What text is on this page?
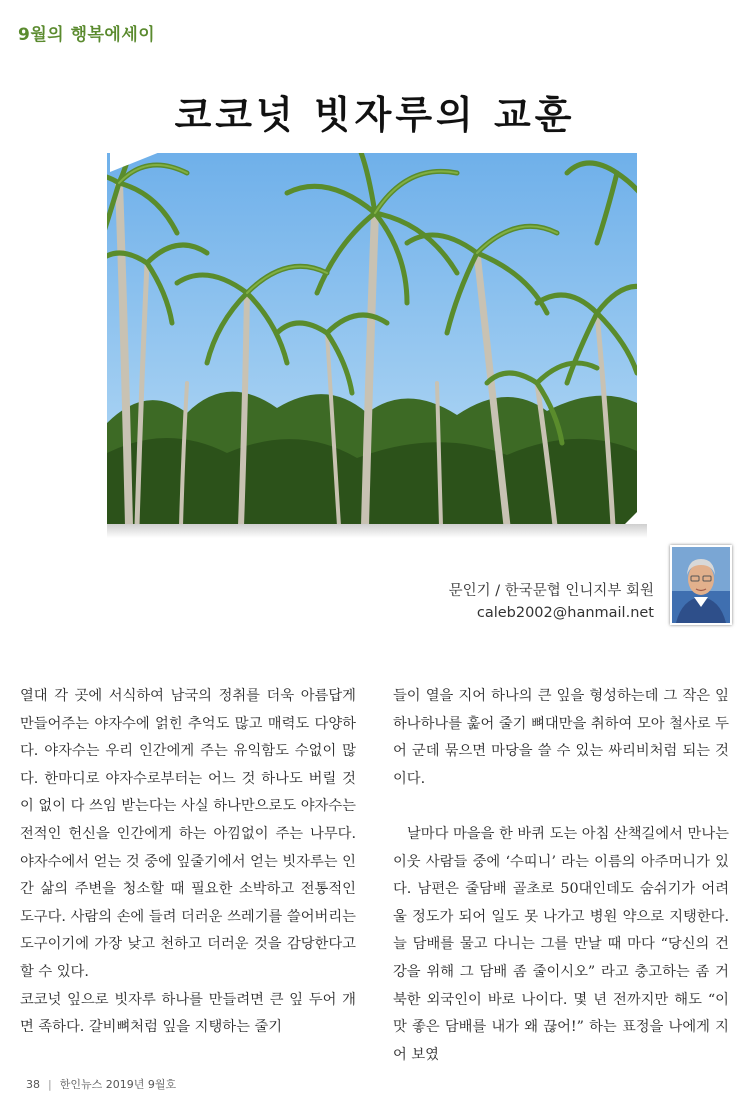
9월의 행복에세이
코코넛 빗자루의 교훈
문인기 / 한국문협 인니지부 회원
caleb2002@hanmail.net

열대 각 곳에 서식하여 남국의 정취를 더욱 아름답게 만들어주는 야자수에 얽힌 추억도 많고 매력도 다양하다. 야자수는 우리 인간에게 주는 유익함도 수없이 많다. 한마디로 야자수로부터는 어느 것 하나도 버릴 것이 없이 다 쓰임 받는다는 사실 하나만으로도 야자수는 전적인 헌신을 인간에게 하는 아낌없이 주는 나무다. 야자수에서 얻는 것 중에 잎줄기에서 얻는 빗자루는 인간 삶의 주변을 청소할 때 필요한 소박하고 전통적인 도구다. 사람의 손에 들려 더러운 쓰레기를 쓸어버리는 도구이기에 가장 낮고 천하고 더러운 것을 감당한다고 할 수 있다.

코코넛 잎으로 빗자루 하나를 만들려면 큰 잎 두어 개면 족하다. 갈비뼈처럼 잎을 지탱하는 줄기

들이 열을 지어 하나의 큰 잎을 형성하는데 그 작은 잎 하나하나를 훑어 줄기 뼈대만을 취하여 모아 철사로 두어 군데 묶으면 마당을 쓸 수 있는 싸리비처럼 되는 것이다.

날마다 마을을 한 바퀴 도는 아침 산책길에서 만나는 이웃 사람들 중에 ‘수띠니’ 라는 이름의 아주머니가 있다. 남편은 줄담배 골초로 50대인데도 숨쉬기가 어려울 정도가 되어 일도 못 나가고 병원 약으로 지탱한다. 늘 담배를 물고 다니는 그를 만날 때 마다 “당신의 건강을 위해 그 담배 좀 줄이시오” 라고 충고하는 좀 거북한 외국인이 바로 나이다. 몇 년 전까지만 해도 “이 맛 좋은 담배를 내가 왜 끊어!” 하는 표정을 나에게 지어 보였

38 | 한인뉴스 2019년 9월호
